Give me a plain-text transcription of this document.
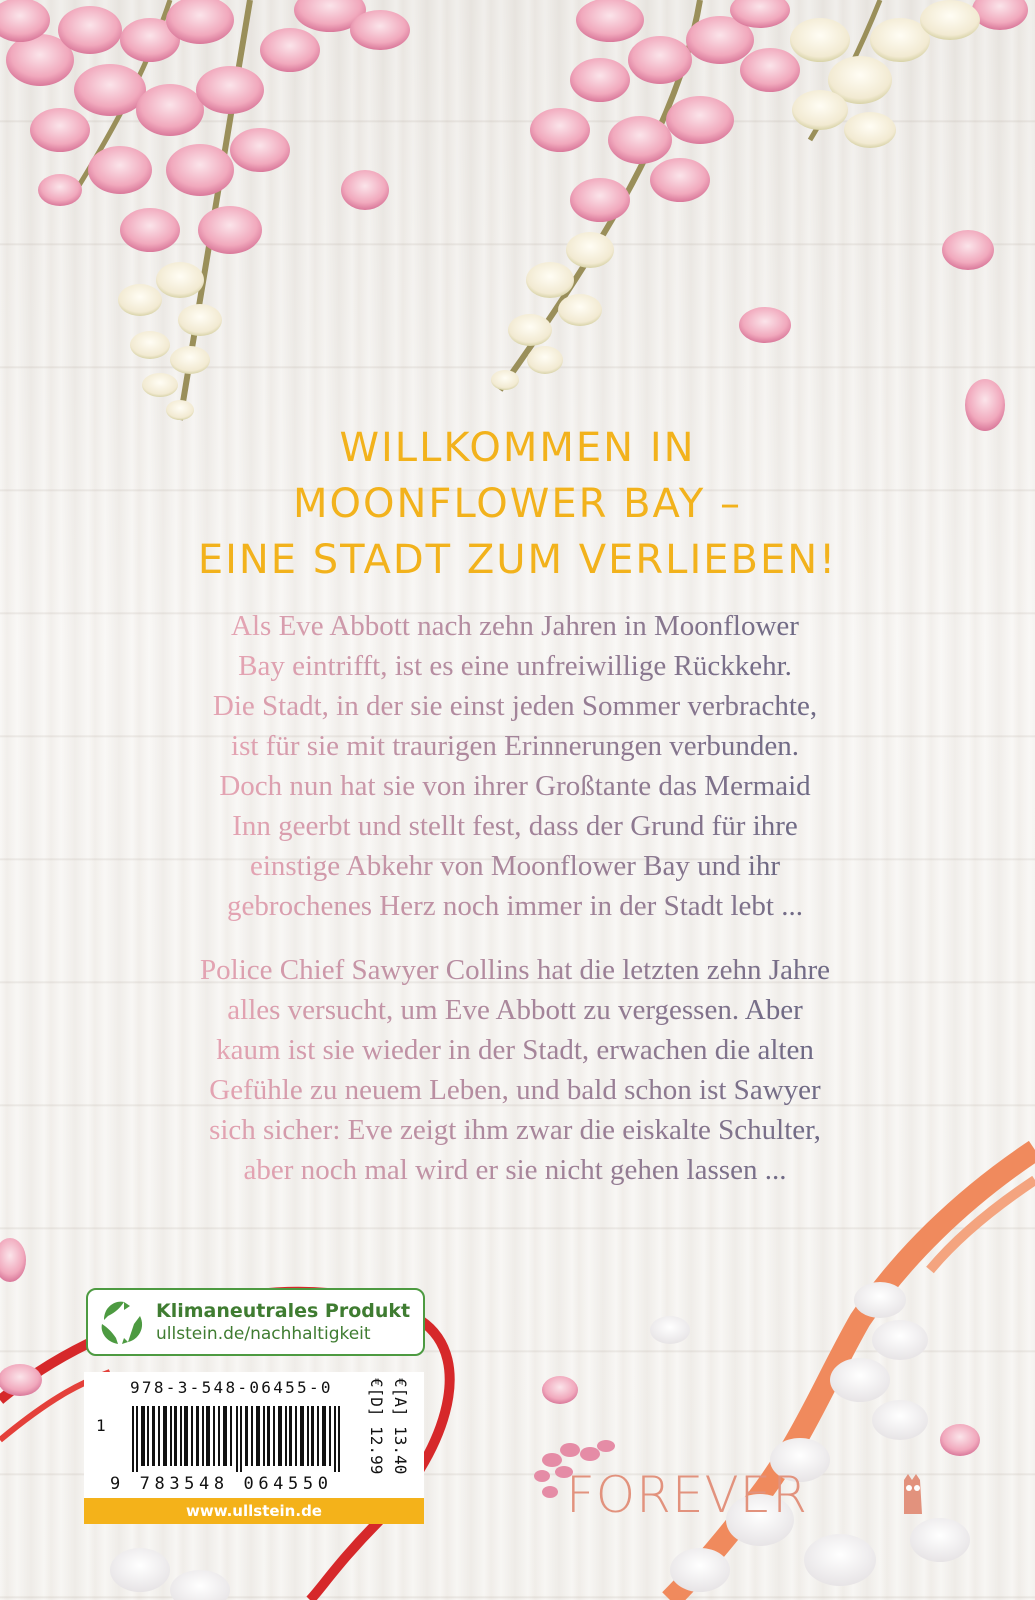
WILLKOMMEN IN
MOONFLOWER BAY –
EINE STADT ZUM VERLIEBEN!
Als Eve Abbott nach zehn Jahren in Moonflower
Bay eintrifft, ist es eine unfreiwillige Rückkehr.
Die Stadt, in der sie einst jeden Sommer verbrachte,
ist für sie mit traurigen Erinnerungen verbunden.
Doch nun hat sie von ihrer Großtante das Mermaid
Inn geerbt und stellt fest, dass der Grund für ihre
einstige Abkehr von Moonflower Bay und ihr
gebrochenes Herz noch immer in der Stadt lebt ...
Police Chief Sawyer Collins hat die letzten zehn Jahre
alles versucht, um Eve Abbott zu vergessen. Aber
kaum ist sie wieder in der Stadt, erwachen die alten
Gefühle zu neuem Leben, und bald schon ist Sawyer
sich sicher: Eve zeigt ihm zwar die eiskalte Schulter,
aber noch mal wird er sie nicht gehen lassen ...
Klimaneutrales Produkt
ullstein.de/nachhaltigkeit
978-3-548-06455-0
1
9 783548 064550
€[D] 12.99 €[A] 13.40
www.ullstein.de	FOREVER
